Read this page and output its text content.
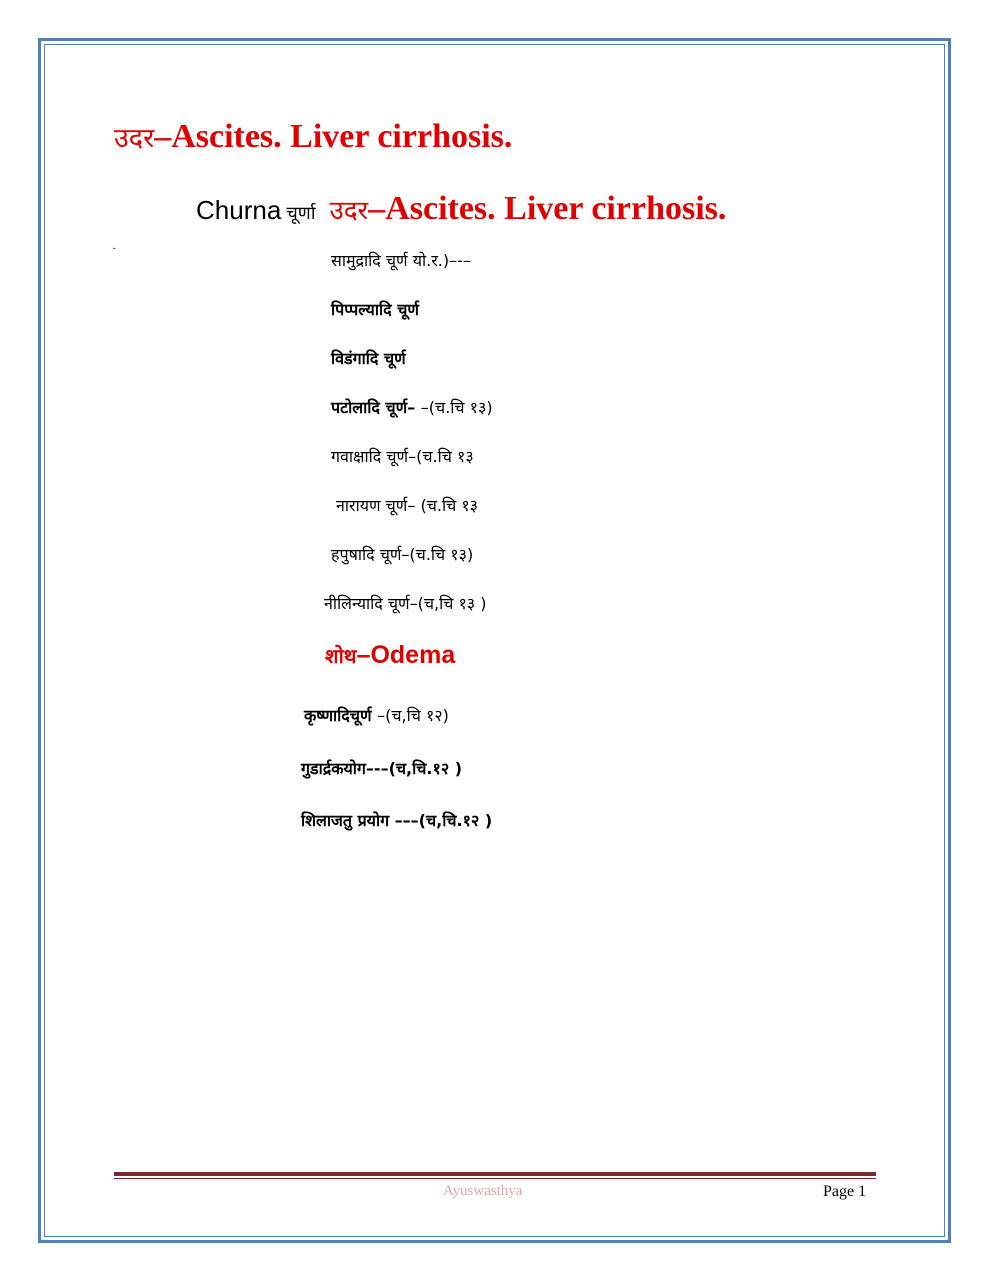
उदर–Ascites. Liver cirrhosis.
Churna चूर्णा उदर–Ascites. Liver cirrhosis.
˘	सामुद्रादि चूर्ण यो.र.)–-–
पिप्पल्यादि चूर्ण
विडंगादि चूर्ण
पटोलादि चूर्ण– –(च.चि १३)
गवाक्षादि चूर्ण–(च.चि १३
नारायण चूर्ण– (च.चि १३
हपुषादि चूर्ण–(च.चि १३)
नीलिन्यादि चूर्ण–(च,चि १३ )
शोथ–Odema
कृष्णादिचूर्ण –(च,चि १२)
गुडार्द्रकयोग–-–(च,चि.१२ )
शिलाजतु प्रयोग –––(च,चि.१२ )
Ayuswasthya	Page 1
